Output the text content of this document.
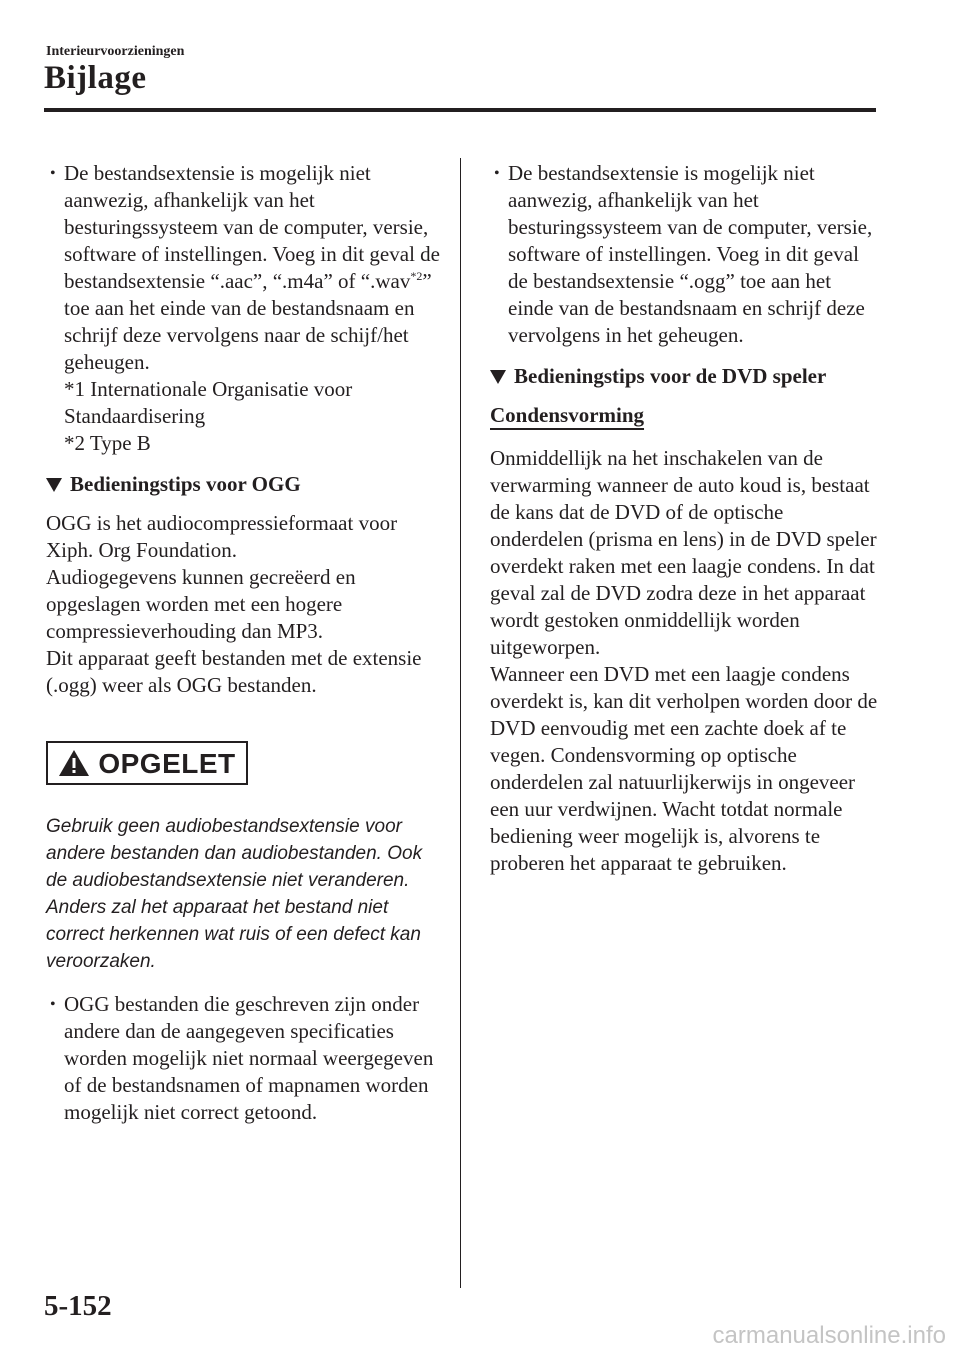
Interieurvoorzieningen
Bijlage

• De bestandsextensie is mogelijk niet aanwezig, afhankelijk van het besturingssysteem van de computer, versie, software of instellingen. Voeg in dit geval de bestandsextensie “.aac”, “.m4a” of “.wav$^{*2}$” toe aan het einde van de bestandsnaam en schrijf deze vervolgens naar de schijf/het geheugen.

*1 Internationale Organisatie voor

Standaardisering

*2 Type B

Bedieningstips voor OGG

OGG is het audiocompressieformaat voor Xiph. Org Foundation.

Audiogegevens kunnen gecreëerd en opgeslagen worden met een hogere compressieverhouding dan MP3.

Dit apparaat geeft bestanden met de extensie (.ogg) weer als OGG bestanden.

OPGELET

Gebruik geen audiobestandsextensie voor andere bestanden dan audiobestanden. Ook de audiobestandsextensie niet veranderen. Anders zal het apparaat het bestand niet correct herkennen wat ruis of een defect kan veroorzaken.

• OGG bestanden die geschreven zijn onder andere dan de aangegeven specificaties worden mogelijk niet normaal weergegeven of de bestandsnamen of mapnamen worden mogelijk niet correct getoond.

• De bestandsextensie is mogelijk niet aanwezig, afhankelijk van het besturingssysteem van de computer, versie, software of instellingen. Voeg in dit geval de bestandsextensie “.ogg” toe aan het einde van de bestandsnaam en schrijf deze vervolgens in het geheugen.

Bedieningstips voor de DVD speler
Condensvorming

Onmiddellijk na het inschakelen van de verwarming wanneer de auto koud is, bestaat de kans dat de DVD of de optische onderdelen (prisma en lens) in de DVD speler overdekt raken met een laagje condens. In dat geval zal de DVD zodra deze in het apparaat wordt gestoken onmiddellijk worden uitgeworpen.

Wanneer een DVD met een laagje condens overdekt is, kan dit verholpen worden door de DVD eenvoudig met een zachte doek af te vegen. Condensvorming op optische onderdelen zal natuurlijkerwijs in ongeveer een uur verdwijnen. Wacht totdat normale bediening weer mogelijk is, alvorens te proberen het apparaat te gebruiken.

5-152
carmanualsonline.info
